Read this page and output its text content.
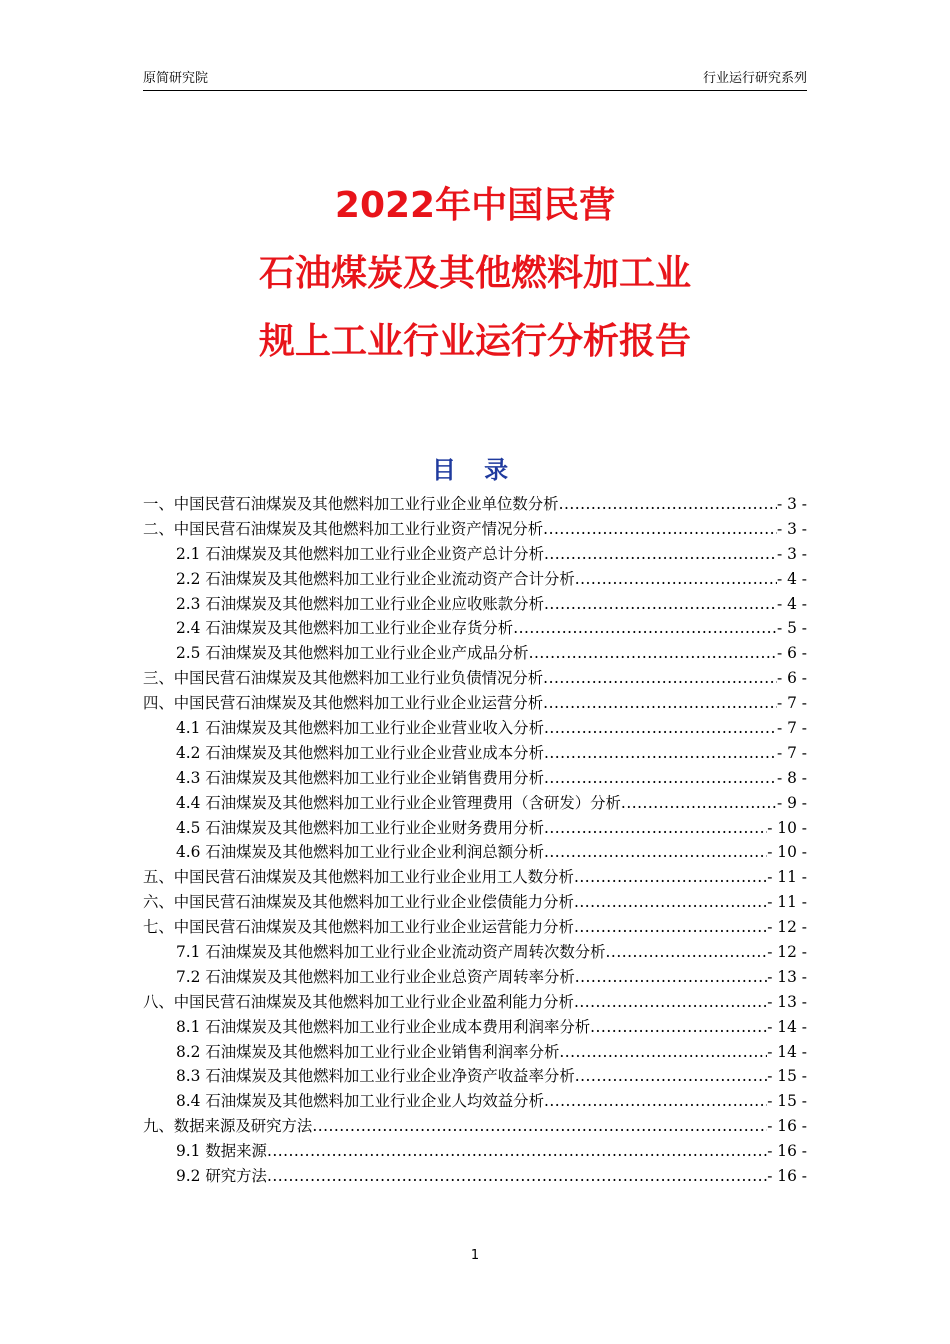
原简研究院	行业运行研究系列
2022年中国民营
石油煤炭及其他燃料加工业
规上工业行业运行分析报告
目 录
一、中国民营石油煤炭及其他燃料加工业行业企业单位数分析 .....	- 3 -
二、中国民营石油煤炭及其他燃料加工业行业资产情况分析 .....	- 3 -
2.1 石油煤炭及其他燃料加工业行业企业资产总计分析 .....	- 3 -
2.2 石油煤炭及其他燃料加工业行业企业流动资产合计分析 .....	- 4 -
2.3 石油煤炭及其他燃料加工业行业企业应收账款分析 .....	- 4 -
2.4 石油煤炭及其他燃料加工业行业企业存货分析 .....	- 5 -
2.5 石油煤炭及其他燃料加工业行业企业产成品分析 .....	- 6 -
三、中国民营石油煤炭及其他燃料加工业行业负债情况分析 .....	- 6 -
四、中国民营石油煤炭及其他燃料加工业行业企业运营分析 .....	- 7 -
4.1 石油煤炭及其他燃料加工业行业企业营业收入分析 .....	- 7 -
4.2 石油煤炭及其他燃料加工业行业企业营业成本分析 .....	- 7 -
4.3 石油煤炭及其他燃料加工业行业企业销售费用分析 .....	- 8 -
4.4 石油煤炭及其他燃料加工业行业企业管理费用（含研发）分析 .....	- 9 -
4.5 石油煤炭及其他燃料加工业行业企业财务费用分析 .....	- 10 -
4.6 石油煤炭及其他燃料加工业行业企业利润总额分析 .....	- 10 -
五、中国民营石油煤炭及其他燃料加工业行业企业用工人数分析 .....	- 11 -
六、中国民营石油煤炭及其他燃料加工业行业企业偿债能力分析 .....	- 11 -
七、中国民营石油煤炭及其他燃料加工业行业企业运营能力分析 .....	- 12 -
7.1 石油煤炭及其他燃料加工业行业企业流动资产周转次数分析 .....	- 12 -
7.2 石油煤炭及其他燃料加工业行业企业总资产周转率分析 .....	- 13 -
八、中国民营石油煤炭及其他燃料加工业行业企业盈利能力分析 .....	- 13 -
8.1 石油煤炭及其他燃料加工业行业企业成本费用利润率分析 .....	- 14 -
8.2 石油煤炭及其他燃料加工业行业企业销售利润率分析 .....	- 14 -
8.3 石油煤炭及其他燃料加工业行业企业净资产收益率分析 .....	- 15 -
8.4 石油煤炭及其他燃料加工业行业企业人均效益分析 .....	- 15 -
九、数据来源及研究方法 .....	- 16 -
9.1 数据来源 .....	- 16 -
9.2 研究方法 .....	- 16 -
1
